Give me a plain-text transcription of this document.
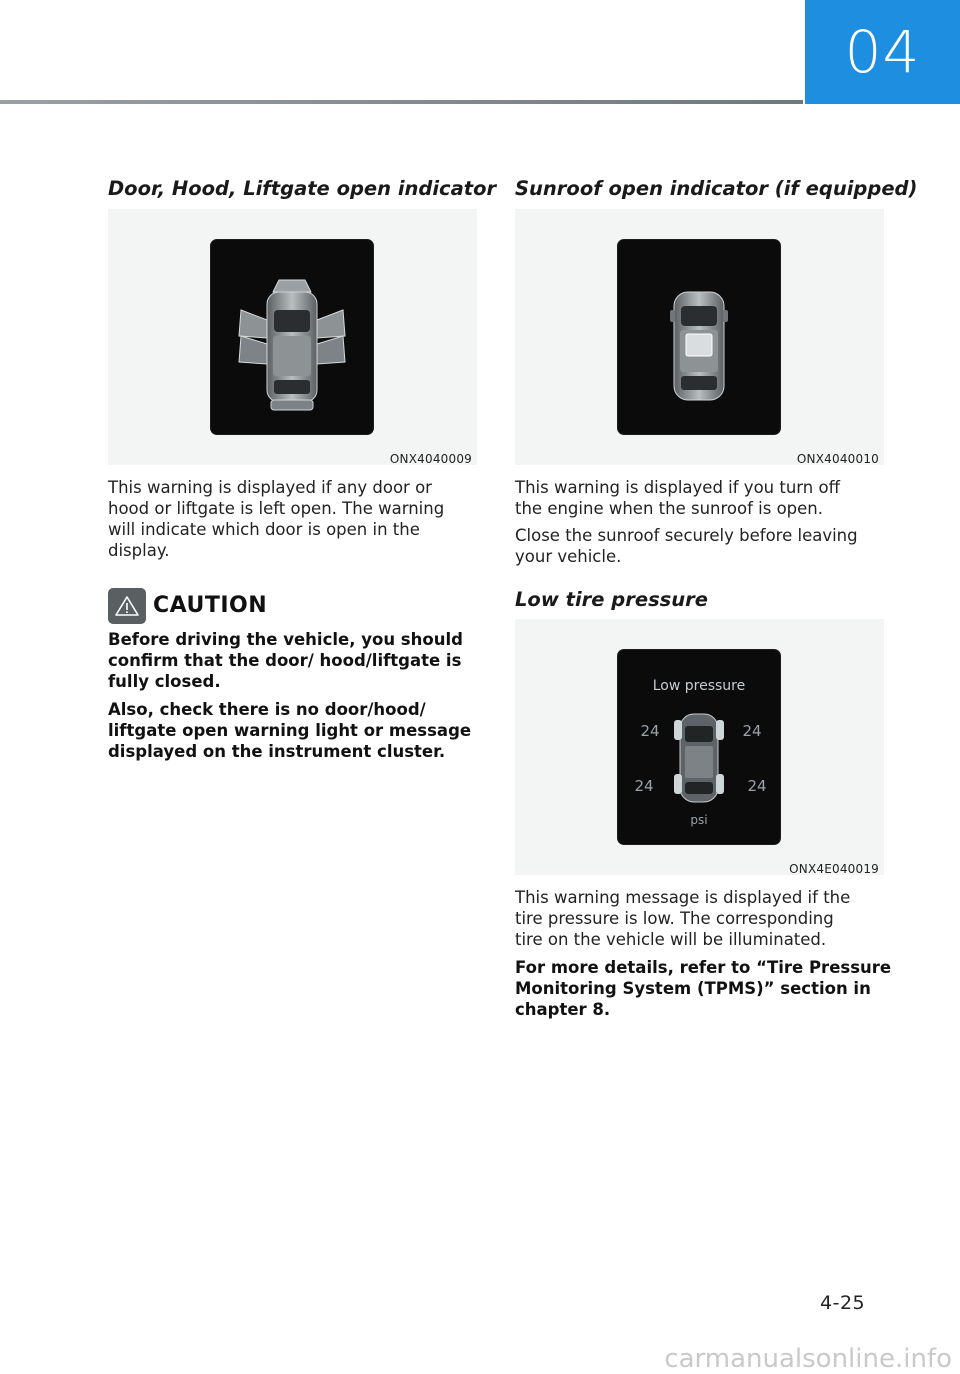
04
Door, Hood, Liftgate open indicator
ONX4040009

This warning is displayed if any door or
hood or liftgate is left open. The warning
will indicate which door is open in the
display.

CAUTION

Before driving the vehicle, you should
confirm that the door/ hood/liftgate is
fully closed.

Also, check there is no door/hood/
liftgate open warning light or message
displayed on the instrument cluster.

Sunroof open indicator (if equipped)
ONX4040010

This warning is displayed if you turn off
the engine when the sunroof is open.

Close the sunroof securely before leaving
your vehicle.

Low tire pressure
Low pressure
24	24
24	24
psi
ONX4E040019

This warning message is displayed if the
tire pressure is low. The corresponding
tire on the vehicle will be illuminated.

For more details, refer to “Tire Pressure
Monitoring System (TPMS)” section in
chapter 8.

4-25
carmanualsonline.info
